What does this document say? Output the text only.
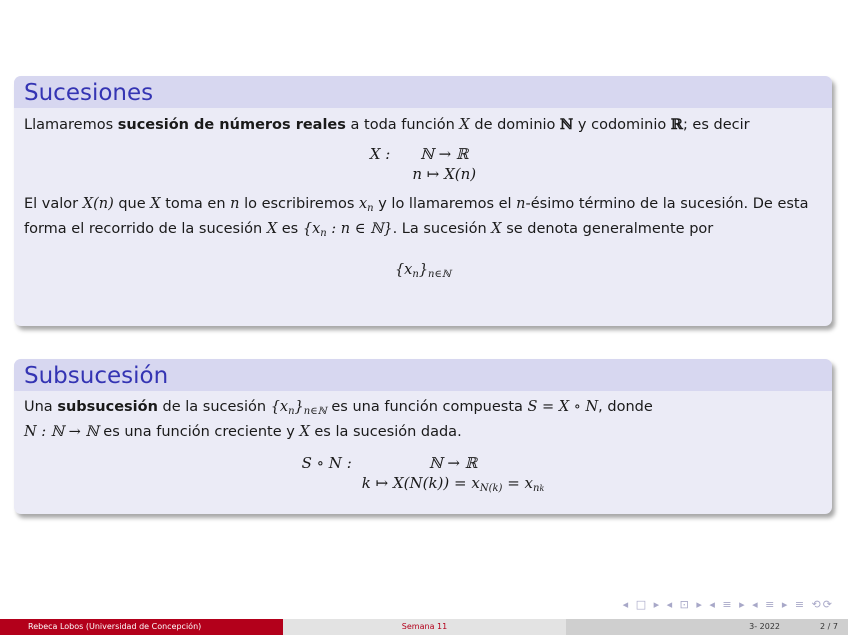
Sucesiones
Llamaremos sucesión de números reales a toda función X de dominio ℕ y codominio ℝ; es decir
X :	ℕ → ℝ
n ↦ X(n)
El valor X(n) que X toma en n lo escribiremos $x_n$ y lo llamaremos el n-ésimo término de la sucesión. De esta forma el recorrido de la sucesión X es {$x_n$ : n ∈ ℕ}. La sucesión X se denota generalmente por
$\{x_n\}_{n\in ℕ}$
Subsucesión
Una subsucesión de la sucesión $\{x_n\}_{n\in ℕ}$ es una función compuesta S = X ∘ N, donde
N : ℕ → ℕ es una función creciente y X es la sucesión dada.
S ∘ N :	ℕ → ℝ
k ↦ $X(N(k)) = x_{N(k)} = x_{nk}$
◂ □ ▸ ◂ ⊡ ▸ ◂ ≡ ▸ ◂ ≡ ▸ ≡ ⟲⟳
Rebeca Lobos (Universidad de Concepción)	Semana 11	3- 2022	2 / 7
